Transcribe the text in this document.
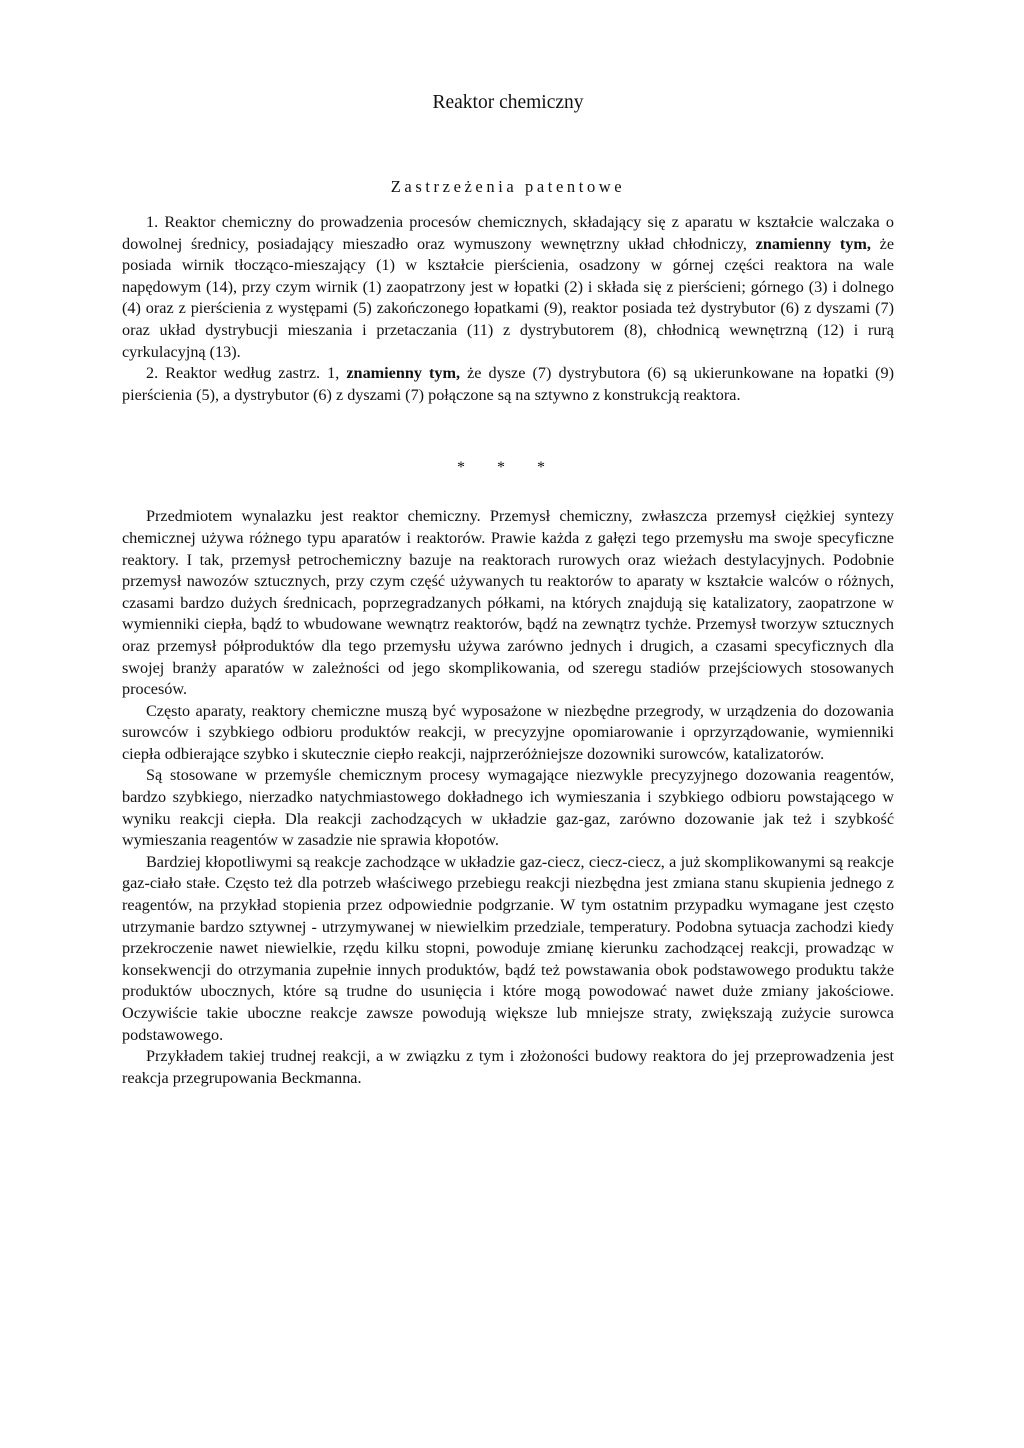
Reaktor chemiczny
Zastrzeżenia patentowe

1. Reaktor chemiczny do prowadzenia procesów chemicznych, składający się z aparatu w kształcie walczaka o dowolnej średnicy, posiadający mieszadło oraz wymuszony wewnętrzny układ chłodniczy, znamienny tym, że posiada wirnik tłocząco-mieszający (1) w kształcie pierścienia, osadzony w górnej części reaktora na wale napędowym (14), przy czym wirnik (1) zaopatrzony jest w łopatki (2) i składa się z pierścieni; górnego (3) i dolnego (4) oraz z pierścienia z występami (5) zakończonego łopatkami (9), reaktor posiada też dystrybutor (6) z dyszami (7) oraz układ dystrybucji mieszania i przetaczania (11) z dystrybutorem (8), chłodnicą wewnętrzną (12) i rurą cyrkulacyjną (13).

2. Reaktor według zastrz. 1, znamienny tym, że dysze (7) dystrybutora (6) są ukierunkowane na łopatki (9) pierścienia (5), a dystrybutor (6) z dyszami (7) połączone są na sztywno z konstrukcją reaktora.

* * *

Przedmiotem wynalazku jest reaktor chemiczny. Przemysł chemiczny, zwłaszcza przemysł ciężkiej syntezy chemicznej używa różnego typu aparatów i reaktorów. Prawie każda z gałęzi tego przemysłu ma swoje specyficzne reaktory. I tak, przemysł petrochemiczny bazuje na reaktorach rurowych oraz wieżach destylacyjnych. Podobnie przemysł nawozów sztucznych, przy czym część używanych tu reaktorów to aparaty w kształcie walców o różnych, czasami bardzo dużych średnicach, poprzegradzanych półkami, na których znajdują się katalizatory, zaopatrzone w wymienniki ciepła, bądź to wbudowane wewnątrz reaktorów, bądź na zewnątrz tychże. Przemysł tworzyw sztucznych oraz przemysł półproduktów dla tego przemysłu używa zarówno jednych i drugich, a czasami specyficznych dla swojej branży aparatów w zależności od jego skomplikowania, od szeregu stadiów przejściowych stosowanych procesów.

Często aparaty, reaktory chemiczne muszą być wyposażone w niezbędne przegrody, w urządzenia do dozowania surowców i szybkiego odbioru produktów reakcji, w precyzyjne opomiarowanie i oprzyrządowanie, wymienniki ciepła odbierające szybko i skutecznie ciepło reakcji, najprzeróżniejsze dozowniki surowców, katalizatorów.

Są stosowane w przemyśle chemicznym procesy wymagające niezwykle precyzyjnego dozowania reagentów, bardzo szybkiego, nierzadko natychmiastowego dokładnego ich wymieszania i szybkiego odbioru powstającego w wyniku reakcji ciepła. Dla reakcji zachodzących w układzie gaz-gaz, zarówno dozowanie jak też i szybkość wymieszania reagentów w zasadzie nie sprawia kłopotów.

Bardziej kłopotliwymi są reakcje zachodzące w układzie gaz-ciecz, ciecz-ciecz, a już skomplikowanymi są reakcje gaz-ciało stałe. Często też dla potrzeb właściwego przebiegu reakcji niezbędna jest zmiana stanu skupienia jednego z reagentów, na przykład stopienia przez odpowiednie podgrzanie. W tym ostatnim przypadku wymagane jest często utrzymanie bardzo sztywnej - utrzymywanej w niewielkim przedziale, temperatury. Podobna sytuacja zachodzi kiedy przekroczenie nawet niewielkie, rzędu kilku stopni, powoduje zmianę kierunku zachodzącej reakcji, prowadząc w konsekwencji do otrzymania zupełnie innych produktów, bądź też powstawania obok podstawowego produktu także produktów ubocznych, które są trudne do usunięcia i które mogą powodować nawet duże zmiany jakościowe. Oczywiście takie uboczne reakcje zawsze powodują większe lub mniejsze straty, zwiększają zużycie surowca podstawowego.

Przykładem takiej trudnej reakcji, a w związku z tym i złożoności budowy reaktora do jej przeprowadzenia jest reakcja przegrupowania Beckmanna.
